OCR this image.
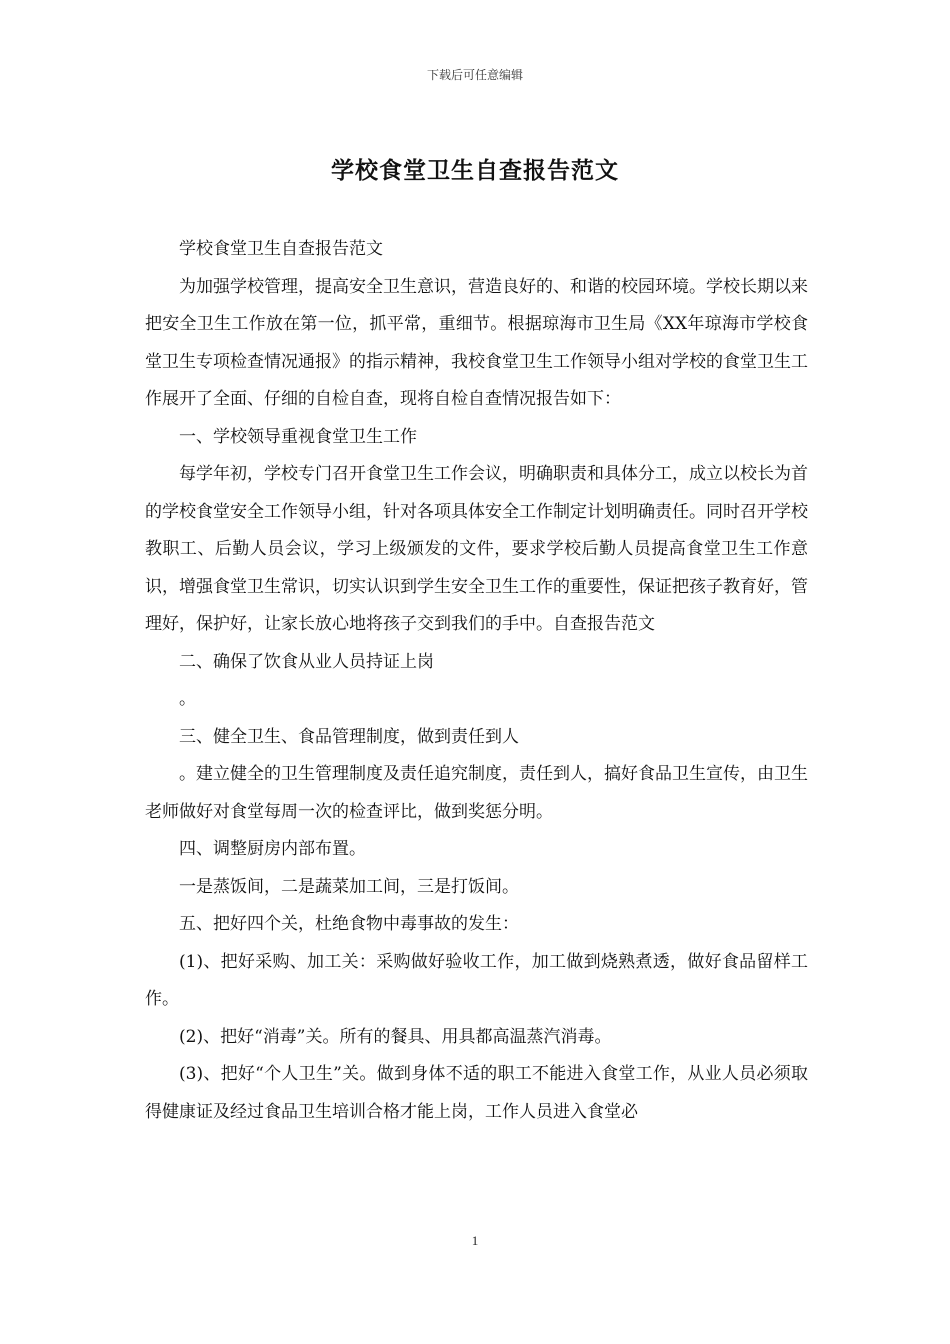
下载后可任意编辑
学校食堂卫生自查报告范文

学校食堂卫生自查报告范文

为加强学校管理，提高安全卫生意识，营造良好的、和谐的校园环境。学校长期以来把安全卫生工作放在第一位，抓平常，重细节。根据琼海市卫生局《XX年琼海市学校食堂卫生专项检查情况通报》的指示精神，我校食堂卫生工作领导小组对学校的食堂卫生工作展开了全面、仔细的自检自查，现将自检自查情况报告如下：

一、学校领导重视食堂卫生工作

每学年初，学校专门召开食堂卫生工作会议，明确职责和具体分工，成立以校长为首的学校食堂安全工作领导小组，针对各项具体安全工作制定计划明确责任。同时召开学校教职工、后勤人员会议，学习上级颁发的文件，要求学校后勤人员提高食堂卫生工作意识，增强食堂卫生常识，切实认识到学生安全卫生工作的重要性，保证把孩子教育好，管理好，保护好，让家长放心地将孩子交到我们的手中。自查报告范文

二、确保了饮食从业人员持证上岗

。

三、健全卫生、食品管理制度，做到责任到人

。建立健全的卫生管理制度及责任追究制度，责任到人，搞好食品卫生宣传，由卫生老师做好对食堂每周一次的检查评比，做到奖惩分明。

四、调整厨房内部布置。

一是蒸饭间，二是蔬菜加工间，三是打饭间。

五、把好四个关，杜绝食物中毒事故的发生：

(1)、把好采购、加工关：采购做好验收工作，加工做到烧熟煮透，做好食品留样工作。

(2)、把好“消毒”关。所有的餐具、用具都高温蒸汽消毒。

(3)、把好“个人卫生”关。做到身体不适的职工不能进入食堂工作，从业人员必须取得健康证及经过食品卫生培训合格才能上岗，工作人员进入食堂必

1
